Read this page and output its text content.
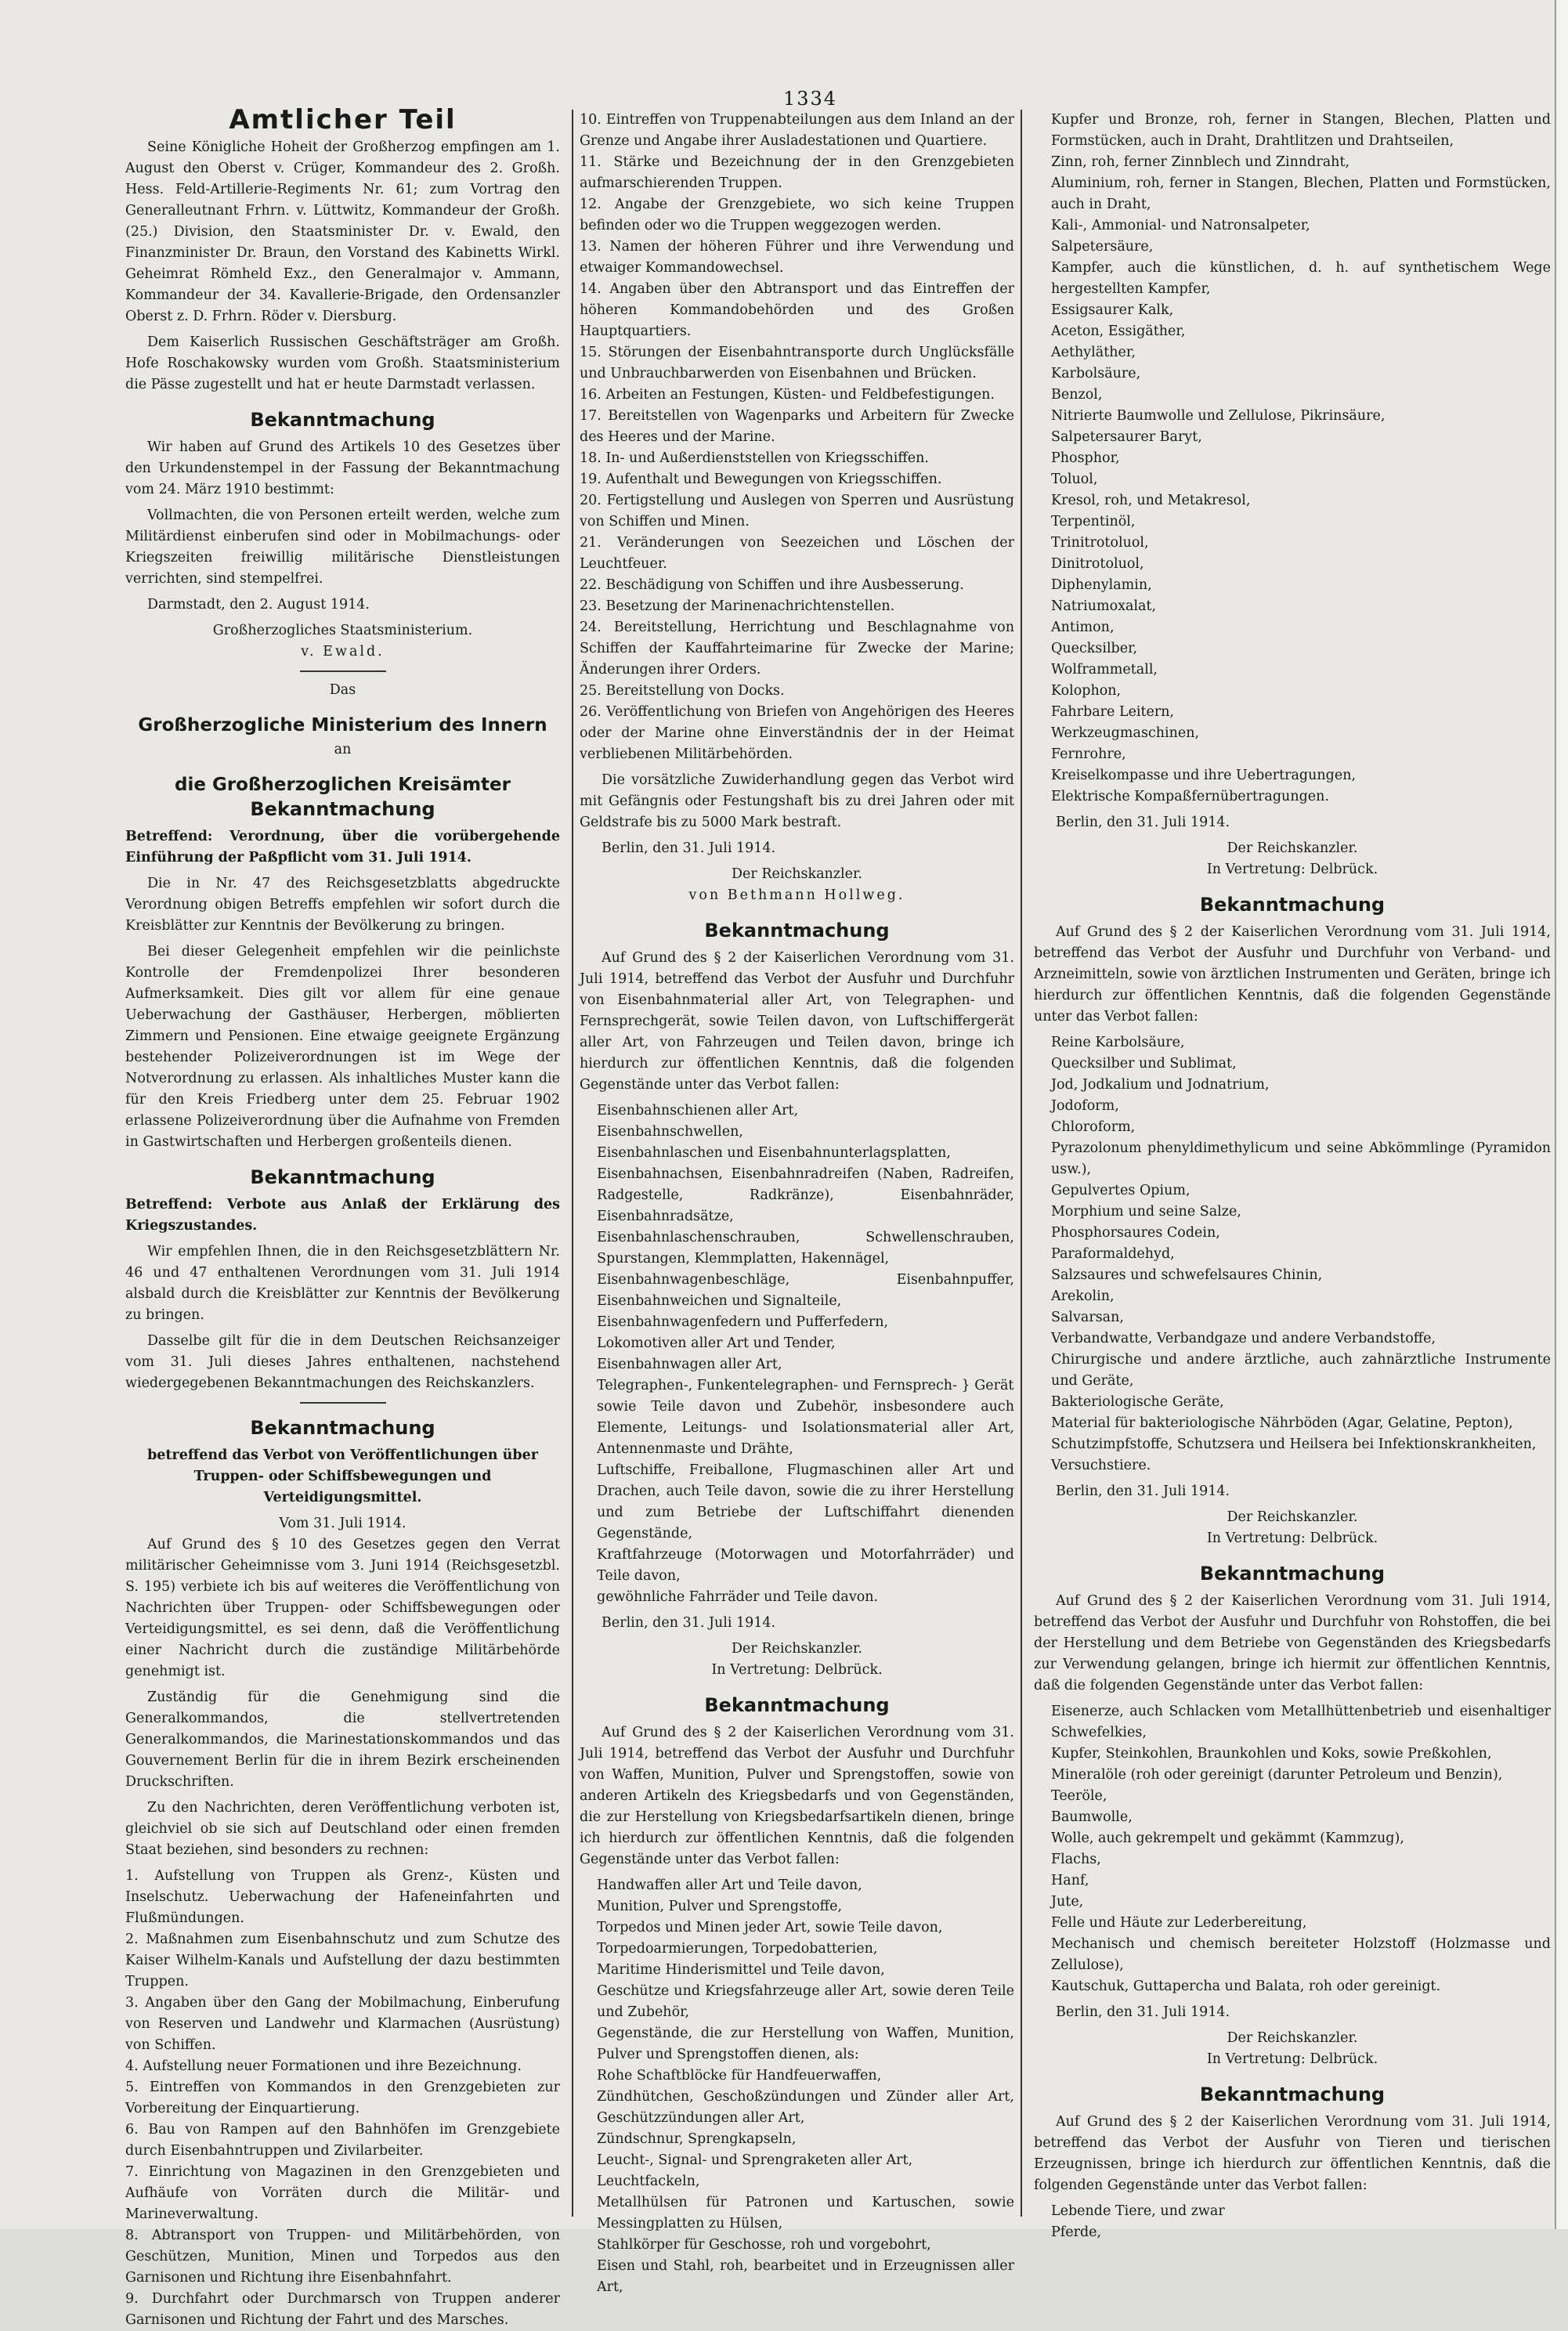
1334
Amtlicher Teil

Seine Königliche Hoheit der Großherzog empfingen am 1. August den Oberst v. Crüger, Kommandeur des 2. Großh. Hess. Feld-Artillerie-Regiments Nr. 61; zum Vortrag den Generalleutnant Frhrn. v. Lüttwitz, Kommandeur der Großh. (25.) Division, den Staatsminister Dr. v. Ewald, den Finanzminister Dr. Braun, den Vorstand des Kabinetts Wirkl. Geheimrat Römheld Exz., den Generalmajor v. Ammann, Kommandeur der 34. Kavallerie-Brigade, den Ordensanzler Oberst z. D. Frhrn. Röder v. Diersburg.

Dem Kaiserlich Russischen Geschäftsträger am Großh. Hofe Roschakowsky wurden vom Großh. Staatsministerium die Pässe zugestellt und hat er heute Darmstadt verlassen.

Bekanntmachung

Wir haben auf Grund des Artikels 10 des Gesetzes über den Urkundenstempel in der Fassung der Bekanntmachung vom 24. März 1910 bestimmt:

Vollmachten, die von Personen erteilt werden, welche zum Militärdienst einberufen sind oder in Mobilmachungs- oder Kriegszeiten freiwillig militärische Dienstleistungen verrichten, sind stempelfrei.

Darmstadt, den 2. August 1914.

Großherzogliches Staatsministerium.
v. Ewald.
Das
Großherzogliche Ministerium des Innern
an
die Großherzoglichen Kreisämter
Bekanntmachung

Betreffend: Verordnung, über die vorübergehende Einführung der Paßpflicht vom 31. Juli 1914.

Die in Nr. 47 des Reichsgesetzblatts abgedruckte Verordnung obigen Betreffs empfehlen wir sofort durch die Kreisblätter zur Kenntnis der Bevölkerung zu bringen.

Bei dieser Gelegenheit empfehlen wir die peinlichste Kontrolle der Fremdenpolizei Ihrer besonderen Aufmerksamkeit. Dies gilt vor allem für eine genaue Ueberwachung der Gasthäuser, Herbergen, möblierten Zimmern und Pensionen. Eine etwaige geeignete Ergänzung bestehender Polizeiverordnungen ist im Wege der Notverordnung zu erlassen. Als inhaltliches Muster kann die für den Kreis Friedberg unter dem 25. Februar 1902 erlassene Polizeiverordnung über die Aufnahme von Fremden in Gastwirtschaften und Herbergen großenteils dienen.

Bekanntmachung

Betreffend: Verbote aus Anlaß der Erklärung des Kriegszustandes.

Wir empfehlen Ihnen, die in den Reichsgesetzblättern Nr. 46 und 47 enthaltenen Verordnungen vom 31. Juli 1914 alsbald durch die Kreisblätter zur Kenntnis der Bevölkerung zu bringen.

Dasselbe gilt für die in dem Deutschen Reichsanzeiger vom 31. Juli dieses Jahres enthaltenen, nachstehend wiedergegebenen Bekanntmachungen des Reichskanzlers.

Bekanntmachung

betreffend das Verbot von Veröffentlichungen über Truppen- oder Schiffsbewegungen und Verteidigungsmittel.

Vom 31. Juli 1914.

Auf Grund des § 10 des Gesetzes gegen den Verrat militärischer Geheimnisse vom 3. Juni 1914 (Reichsgesetzbl. S. 195) verbiete ich bis auf weiteres die Veröffentlichung von Nachrichten über Truppen- oder Schiffsbewegungen oder Verteidigungsmittel, es sei denn, daß die Veröffentlichung einer Nachricht durch die zuständige Militärbehörde genehmigt ist.

Zuständig für die Genehmigung sind die Generalkommandos, die stellvertretenden Generalkommandos, die Marinestationskommandos und das Gouvernement Berlin für die in ihrem Bezirk erscheinenden Druckschriften.

Zu den Nachrichten, deren Veröffentlichung verboten ist, gleichviel ob sie sich auf Deutschland oder einen fremden Staat beziehen, sind besonders zu rechnen:

1. Aufstellung von Truppen als Grenz-, Küsten und Inselschutz. Ueberwachung der Hafeneinfahrten und Flußmündungen.
2. Maßnahmen zum Eisenbahnschutz und zum Schutze des Kaiser Wilhelm-Kanals und Aufstellung der dazu bestimmten Truppen.
3. Angaben über den Gang der Mobilmachung, Einberufung von Reserven und Landwehr und Klarmachen (Ausrüstung) von Schiffen.
4. Aufstellung neuer Formationen und ihre Bezeichnung.
5. Eintreffen von Kommandos in den Grenzgebieten zur Vorbereitung der Einquartierung.
6. Bau von Rampen auf den Bahnhöfen im Grenzgebiete durch Eisenbahntruppen und Zivilarbeiter.
7. Einrichtung von Magazinen in den Grenzgebieten und Aufhäufe von Vorräten durch die Militär- und Marineverwaltung.
8. Abtransport von Truppen- und Militärbehörden, von Geschützen, Munition, Minen und Torpedos aus den Garnisonen und Richtung ihre Eisenbahnfahrt.
9. Durchfahrt oder Durchmarsch von Truppen anderer Garnisonen und Richtung der Fahrt und des Marsches.
10. Eintreffen von Truppenabteilungen aus dem Inland an der Grenze und Angabe ihrer Ausladestationen und Quartiere.
11. Stärke und Bezeichnung der in den Grenzgebieten aufmarschierenden Truppen.
12. Angabe der Grenzgebiete, wo sich keine Truppen befinden oder wo die Truppen weggezogen werden.
13. Namen der höheren Führer und ihre Verwendung und etwaiger Kommandowechsel.
14. Angaben über den Abtransport und das Eintreffen der höheren Kommandobehörden und des Großen Hauptquartiers.
15. Störungen der Eisenbahntransporte durch Unglücksfälle und Unbrauchbarwerden von Eisenbahnen und Brücken.
16. Arbeiten an Festungen, Küsten- und Feldbefestigungen.
17. Bereitstellen von Wagenparks und Arbeitern für Zwecke des Heeres und der Marine.
18. In- und Außerdienststellen von Kriegsschiffen.
19. Aufenthalt und Bewegungen von Kriegsschiffen.
20. Fertigstellung und Auslegen von Sperren und Ausrüstung von Schiffen und Minen.
21. Veränderungen von Seezeichen und Löschen der Leuchtfeuer.
22. Beschädigung von Schiffen und ihre Ausbesserung.
23. Besetzung der Marinenachrichtenstellen.
24. Bereitstellung, Herrichtung und Beschlagnahme von Schiffen der Kauffahrteimarine für Zwecke der Marine; Änderungen ihrer Orders.
25. Bereitstellung von Docks.
26. Veröffentlichung von Briefen von Angehörigen des Heeres oder der Marine ohne Einverständnis der in der Heimat verbliebenen Militärbehörden.

Die vorsätzliche Zuwiderhandlung gegen das Verbot wird mit Gefängnis oder Festungshaft bis zu drei Jahren oder mit Geldstrafe bis zu 5000 Mark bestraft.

Berlin, den 31. Juli 1914.

Der Reichskanzler.
von Bethmann Hollweg.
Bekanntmachung

Auf Grund des § 2 der Kaiserlichen Verordnung vom 31. Juli 1914, betreffend das Verbot der Ausfuhr und Durchfuhr von Eisenbahnmaterial aller Art, von Telegraphen- und Fernsprechgerät, sowie Teilen davon, von Luftschiffergerät aller Art, von Fahrzeugen und Teilen davon, bringe ich hierdurch zur öffentlichen Kenntnis, daß die folgenden Gegenstände unter das Verbot fallen:

Eisenbahnschienen aller Art,
Eisenbahnschwellen,
Eisenbahnlaschen und Eisenbahnunterlagsplatten,
Eisenbahnachsen, Eisenbahnradreifen (Naben, Radreifen, Radgestelle, Radkränze), Eisenbahnräder, Eisenbahnradsätze,
Eisenbahnlaschenschrauben, Schwellenschrauben, Spurstangen, Klemmplatten, Hakennägel,
Eisenbahnwagenbeschläge, Eisenbahnpuffer, Eisenbahnweichen und Signalteile,
Eisenbahnwagenfedern und Pufferfedern,
Lokomotiven aller Art und Tender,
Eisenbahnwagen aller Art,
Telegraphen-, Funkentelegraphen- und Fernsprech- } Gerät
sowie Teile davon und Zubehör, insbesondere auch Elemente, Leitungs- und Isolationsmaterial aller Art, Antennenmaste und Drähte,
Luftschiffe, Freiballone, Flugmaschinen aller Art und Drachen, auch Teile davon, sowie die zu ihrer Herstellung und zum Betriebe der Luftschiffahrt dienenden Gegenstände,
Kraftfahrzeuge (Motorwagen und Motorfahrräder) und Teile davon,
gewöhnliche Fahrräder und Teile davon.

Berlin, den 31. Juli 1914.

Der Reichskanzler.
In Vertretung: Delbrück.
Bekanntmachung

Auf Grund des § 2 der Kaiserlichen Verordnung vom 31. Juli 1914, betreffend das Verbot der Ausfuhr und Durchfuhr von Waffen, Munition, Pulver und Sprengstoffen, sowie von anderen Artikeln des Kriegsbedarfs und von Gegenständen, die zur Herstellung von Kriegsbedarfsartikeln dienen, bringe ich hierdurch zur öffentlichen Kenntnis, daß die folgenden Gegenstände unter das Verbot fallen:

Handwaffen aller Art und Teile davon,
Munition, Pulver und Sprengstoffe,
Torpedos und Minen jeder Art, sowie Teile davon,
Torpedoarmierungen, Torpedobatterien,
Maritime Hinderismittel und Teile davon,
Geschütze und Kriegsfahrzeuge aller Art, sowie deren Teile und Zubehör,
Gegenstände, die zur Herstellung von Waffen, Munition, Pulver und Sprengstoffen dienen, als:
Rohe Schaftblöcke für Handfeuerwaffen,
Zündhütchen, Geschoßzündungen und Zünder aller Art, Geschützzündungen aller Art,
Zündschnur, Sprengkapseln,
Leucht-, Signal- und Sprengraketen aller Art,
Leuchtfackeln,
Metallhülsen für Patronen und Kartuschen, sowie Messingplatten zu Hülsen,
Stahlkörper für Geschosse, roh und vorgebohrt,
Eisen und Stahl, roh, bearbeitet und in Erzeugnissen aller Art,
Kupfer und Bronze, roh, ferner in Stangen, Blechen, Platten und Formstücken, auch in Draht, Drahtlitzen und Drahtseilen,
Zinn, roh, ferner Zinnblech und Zinndraht,
Aluminium, roh, ferner in Stangen, Blechen, Platten und Formstücken, auch in Draht,
Kali-, Ammonial- und Natronsalpeter,
Salpetersäure,
Kampfer, auch die künstlichen, d. h. auf synthetischem Wege hergestellten Kampfer,
Essigsaurer Kalk,
Aceton, Essigäther,
Aethyläther,
Karbolsäure,
Benzol,
Nitrierte Baumwolle und Zellulose, Pikrinsäure,
Salpetersaurer Baryt,
Phosphor,
Toluol,
Kresol, roh, und Metakresol,
Terpentinöl,
Trinitrotoluol,
Dinitrotoluol,
Diphenylamin,
Natriumoxalat,
Antimon,
Quecksilber,
Wolframmetall,
Kolophon,
Fahrbare Leitern,
Werkzeugmaschinen,
Fernrohre,
Kreiselkompasse und ihre Uebertragungen,
Elektrische Kompaßfernübertragungen.

Berlin, den 31. Juli 1914.

Der Reichskanzler.
In Vertretung: Delbrück.
Bekanntmachung

Auf Grund des § 2 der Kaiserlichen Verordnung vom 31. Juli 1914, betreffend das Verbot der Ausfuhr und Durchfuhr von Verband- und Arzneimitteln, sowie von ärztlichen Instrumenten und Geräten, bringe ich hierdurch zur öffentlichen Kenntnis, daß die folgenden Gegenstände unter das Verbot fallen:

Reine Karbolsäure,
Quecksilber und Sublimat,
Jod, Jodkalium und Jodnatrium,
Jodoform,
Chloroform,
Pyrazolonum phenyldimethylicum und seine Abkömmlinge (Pyramidon usw.),
Gepulvertes Opium,
Morphium und seine Salze,
Phosphorsaures Codein,
Paraformaldehyd,
Salzsaures und schwefelsaures Chinin,
Arekolin,
Salvarsan,
Verbandwatte, Verbandgaze und andere Verbandstoffe,
Chirurgische und andere ärztliche, auch zahnärztliche Instrumente und Geräte,
Bakteriologische Geräte,
Material für bakteriologische Nährböden (Agar, Gelatine, Pepton),
Schutzimpfstoffe, Schutzsera und Heilsera bei Infektionskrankheiten,
Versuchstiere.

Berlin, den 31. Juli 1914.

Der Reichskanzler.
In Vertretung: Delbrück.
Bekanntmachung

Auf Grund des § 2 der Kaiserlichen Verordnung vom 31. Juli 1914, betreffend das Verbot der Ausfuhr und Durchfuhr von Rohstoffen, die bei der Herstellung und dem Betriebe von Gegenständen des Kriegsbedarfs zur Verwendung gelangen, bringe ich hiermit zur öffentlichen Kenntnis, daß die folgenden Gegenstände unter das Verbot fallen:

Eisenerze, auch Schlacken vom Metallhüttenbetrieb und eisenhaltiger Schwefelkies,
Kupfer, Steinkohlen, Braunkohlen und Koks, sowie Preßkohlen,
Mineralöle (roh oder gereinigt (darunter Petroleum und Benzin),
Teeröle,
Baumwolle,
Wolle, auch gekrempelt und gekämmt (Kammzug),
Flachs,
Hanf,
Jute,
Felle und Häute zur Lederbereitung,
Mechanisch und chemisch bereiteter Holzstoff (Holzmasse und Zellulose),
Kautschuk, Guttapercha und Balata, roh oder gereinigt.

Berlin, den 31. Juli 1914.

Der Reichskanzler.
In Vertretung: Delbrück.
Bekanntmachung

Auf Grund des § 2 der Kaiserlichen Verordnung vom 31. Juli 1914, betreffend das Verbot der Ausfuhr von Tieren und tierischen Erzeugnissen, bringe ich hierdurch zur öffentlichen Kenntnis, daß die folgenden Gegenstände unter das Verbot fallen:

Lebende Tiere, und zwar
Pferde,
